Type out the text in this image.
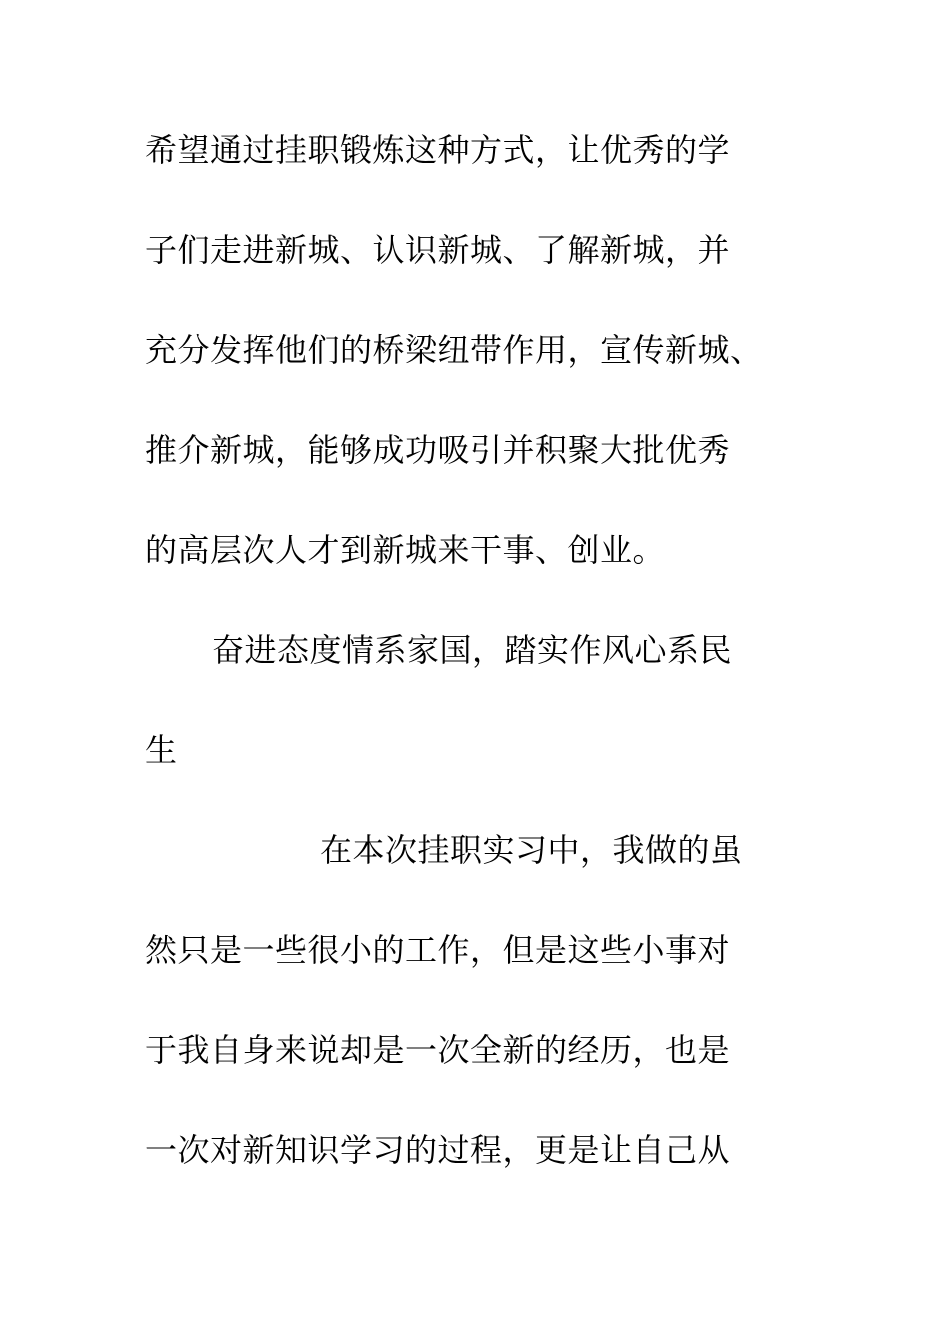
希望通过挂职锻炼这种方式，让优秀的学
子们走进新城、认识新城、了解新城，并
充分发挥他们的桥梁纽带作用，宣传新城、
推介新城，能够成功吸引并积聚大批优秀
的高层次人才到新城来干事、创业。
奋进态度情系家国，踏实作风心系民
生
在本次挂职实习中，我做的虽
然只是一些很小的工作，但是这些小事对
于我自身来说却是一次全新的经历，也是
一次对新知识学习的过程，更是让自己从
